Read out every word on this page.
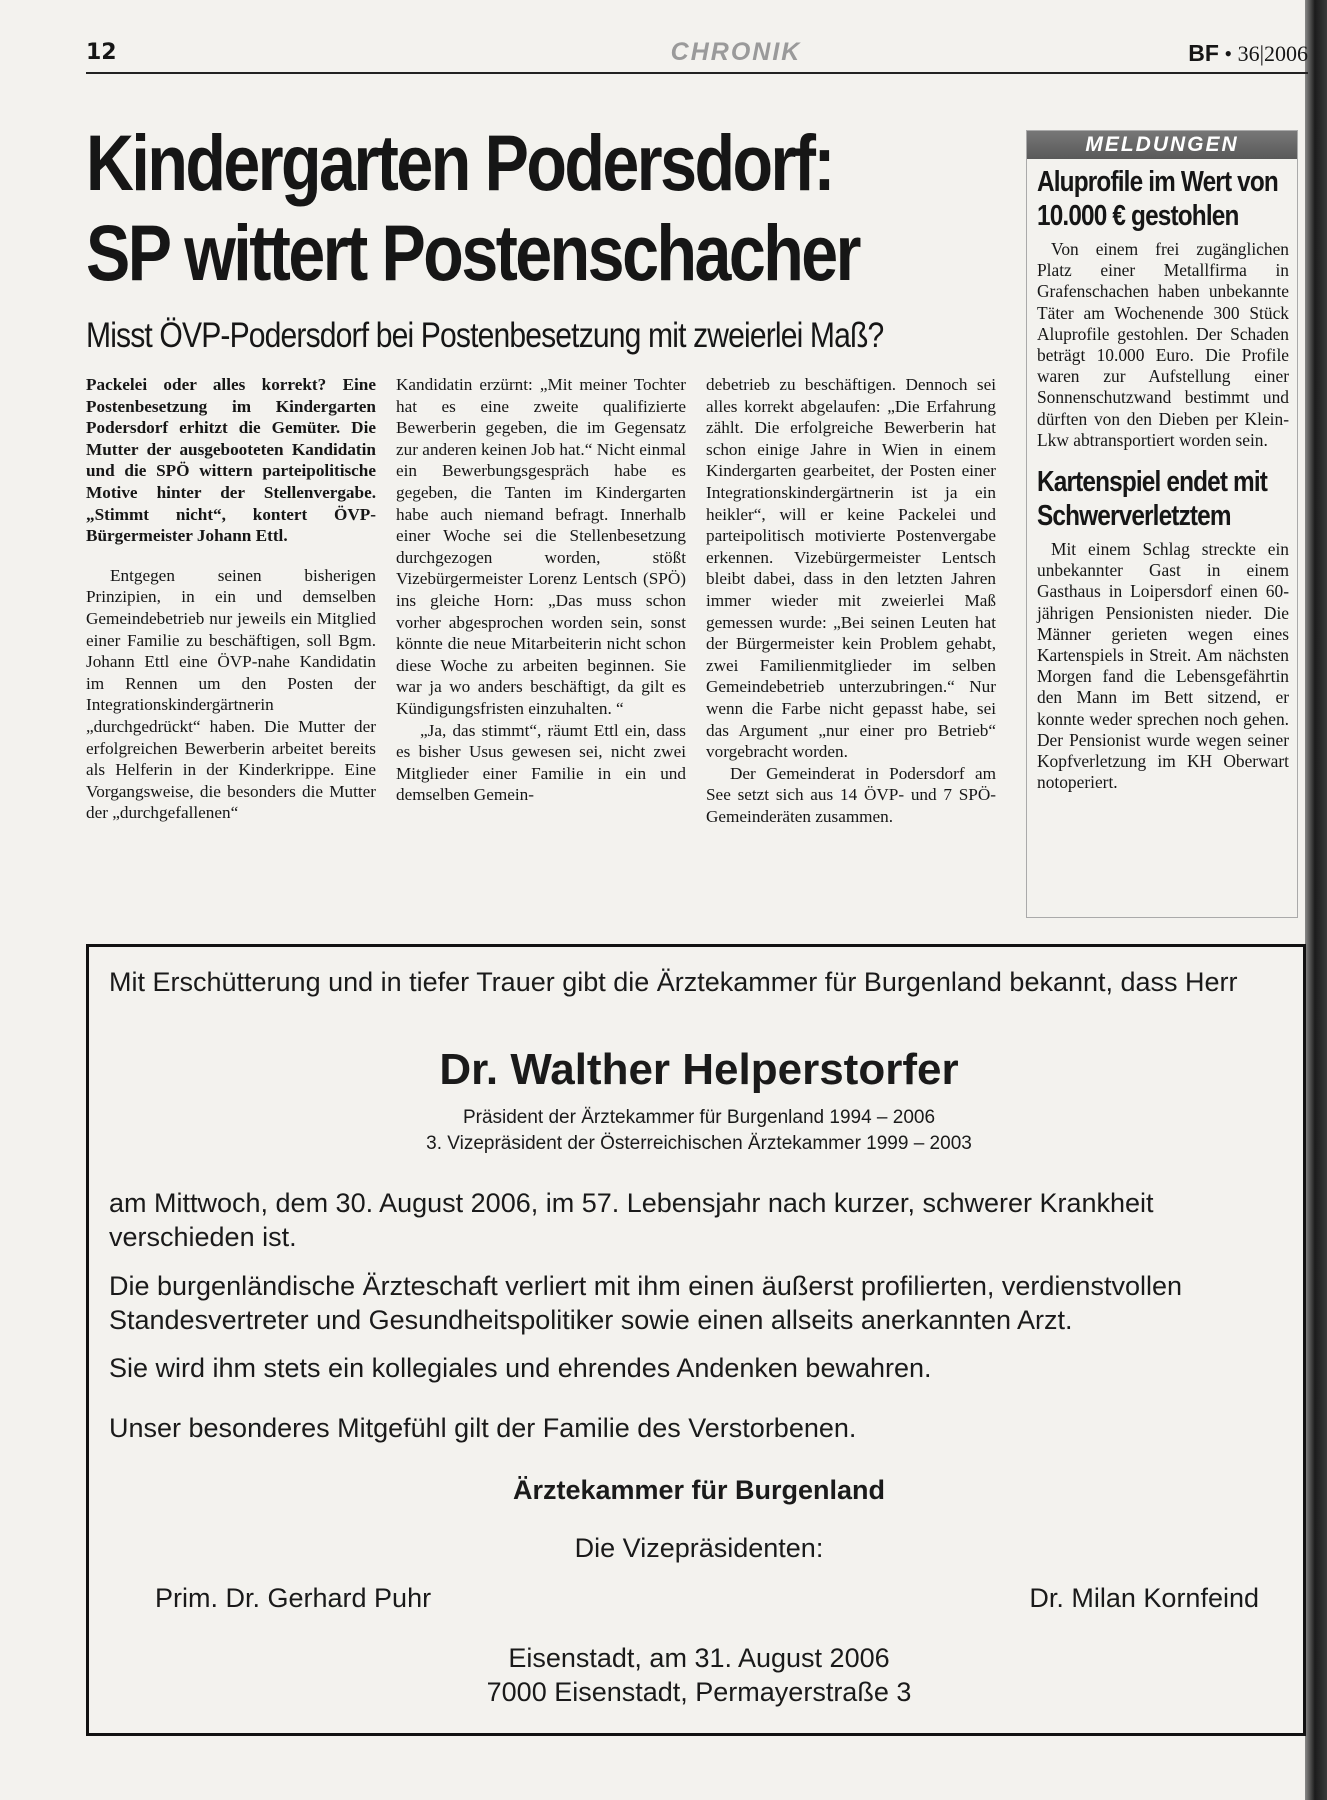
12	CHRONIK	BF • 36|2006
Kindergarten Podersdorf:
SP wittert Postenschacher
Misst ÖVP-Podersdorf bei Postenbesetzung mit zweierlei Maß?

Packelei oder alles korrekt? Eine Postenbesetzung im Kindergarten Podersdorf erhitzt die Gemüter. Die Mutter der ausgebooteten Kandidatin und die SPÖ wittern parteipolitische Motive hinter der Stellenvergabe. „Stimmt nicht“, kontert ÖVP-Bürgermeister Johann Ettl.

Entgegen seinen bisherigen Prinzipien, in ein und demselben Gemeindebetrieb nur jeweils ein Mitglied einer Familie zu beschäftigen, soll Bgm. Johann Ettl eine ÖVP-nahe Kandidatin im Rennen um den Posten der Integrationskindergärtnerin „durchgedrückt“ haben. Die Mutter der erfolgreichen Bewerberin arbeitet bereits als Helferin in der Kinderkrippe. Eine Vorgangsweise, die besonders die Mutter der „durchgefallenen“

Kandidatin erzürnt: „Mit meiner Tochter hat es eine zweite qualifizierte Bewerberin gegeben, die im Gegensatz zur anderen keinen Job hat.“ Nicht einmal ein Bewerbungsgespräch habe es gegeben, die Tanten im Kindergarten habe auch niemand befragt. Innerhalb einer Woche sei die Stellenbesetzung durchgezogen worden, stößt Vizebürgermeister Lorenz Lentsch (SPÖ) ins gleiche Horn: „Das muss schon vorher abgesprochen worden sein, sonst könnte die neue Mitarbeiterin nicht schon diese Woche zu arbeiten beginnen. Sie war ja wo anders beschäftigt, da gilt es Kündigungsfristen einzuhalten. “

„Ja, das stimmt“, räumt Ettl ein, dass es bisher Usus gewesen sei, nicht zwei Mitglieder einer Familie in ein und demselben Gemein-

debetrieb zu beschäftigen. Dennoch sei alles korrekt abgelaufen: „Die Erfahrung zählt. Die erfolgreiche Bewerberin hat schon einige Jahre in Wien in einem Kindergarten gearbeitet, der Posten einer Integrationskindergärtnerin ist ja ein heikler“, will er keine Packelei und parteipolitisch motivierte Postenvergabe erkennen. Vizebürgermeister Lentsch bleibt dabei, dass in den letzten Jahren immer wieder mit zweierlei Maß gemessen wurde: „Bei seinen Leuten hat der Bürgermeister kein Problem gehabt, zwei Familienmitglieder im selben Gemeindebetrieb unterzubringen.“ Nur wenn die Farbe nicht gepasst habe, sei das Argument „nur einer pro Betrieb“ vorgebracht worden.

Der Gemeinderat in Podersdorf am See setzt sich aus 14 ÖVP- und 7 SPÖ-Gemeinderäten zusammen.

MELDUNGEN
Aluprofile im Wert von 10.000 € gestohlen

Von einem frei zugänglichen Platz einer Metallfirma in Grafenschachen haben unbekannte Täter am Wochenende 300 Stück Aluprofile gestohlen. Der Schaden beträgt 10.000 Euro. Die Profile waren zur Aufstellung einer Sonnenschutzwand bestimmt und dürften von den Dieben per Klein-Lkw abtransportiert worden sein.

Kartenspiel endet mit Schwerverletztem

Mit einem Schlag streckte ein unbekannter Gast in einem Gasthaus in Loipersdorf einen 60-jährigen Pensionisten nieder. Die Männer gerieten wegen eines Kartenspiels in Streit. Am nächsten Morgen fand die Lebensgefährtin den Mann im Bett sitzend, er konnte weder sprechen noch gehen. Der Pensionist wurde wegen seiner Kopfverletzung im KH Oberwart notoperiert.

Mit Erschütterung und in tiefer Trauer gibt die Ärztekammer für Burgenland bekannt, dass Herr

Dr. Walther Helperstorfer

Präsident der Ärztekammer für Burgenland 1994 – 2006

3. Vizepräsident der Österreichischen Ärztekammer 1999 – 2003

am Mittwoch, dem 30. August 2006, im 57. Lebensjahr nach kurzer, schwerer Krankheit verschieden ist.

Die burgenländische Ärzteschaft verliert mit ihm einen äußerst profilierten, verdienstvollen Standesvertreter und Gesundheitspolitiker sowie einen allseits anerkannten Arzt.

Sie wird ihm stets ein kollegiales und ehrendes Andenken bewahren.

Unser besonderes Mitgefühl gilt der Familie des Verstorbenen.

Ärztekammer für Burgenland

Die Vizepräsidenten:

Prim. Dr. Gerhard Puhr	Dr. Milan Kornfeind

Eisenstadt, am 31. August 2006

7000 Eisenstadt, Permayerstraße 3
